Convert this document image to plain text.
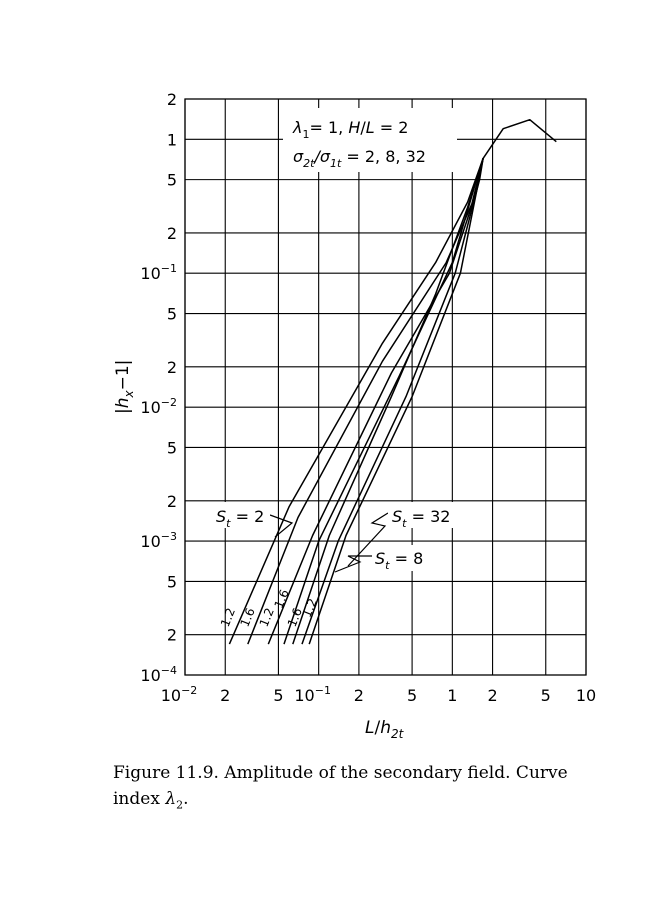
$10^{-2}$ 2	5 $10^{-1}$ 2	5 1 2	5 10
$10^{-4}$
2
5
$10^{-3}$
2
5
$10^{-2}$
2
5
$10^{-1}$
2
5
1
2
1.2 1.6
1.2
1.6
1.6
1.2
$\lambda_1= 1$, H/L = 2
$\sigma_{2t}/\sigma_{1t} = 2$, 8, 32
$S_t = 2$	$S_t = 32$
$S_t = 8$
$L/h_{2t}$
$|h_x-1|$
Figure 11.9. Amplitude of the secondary field. Curve index $\lambda_2$.
